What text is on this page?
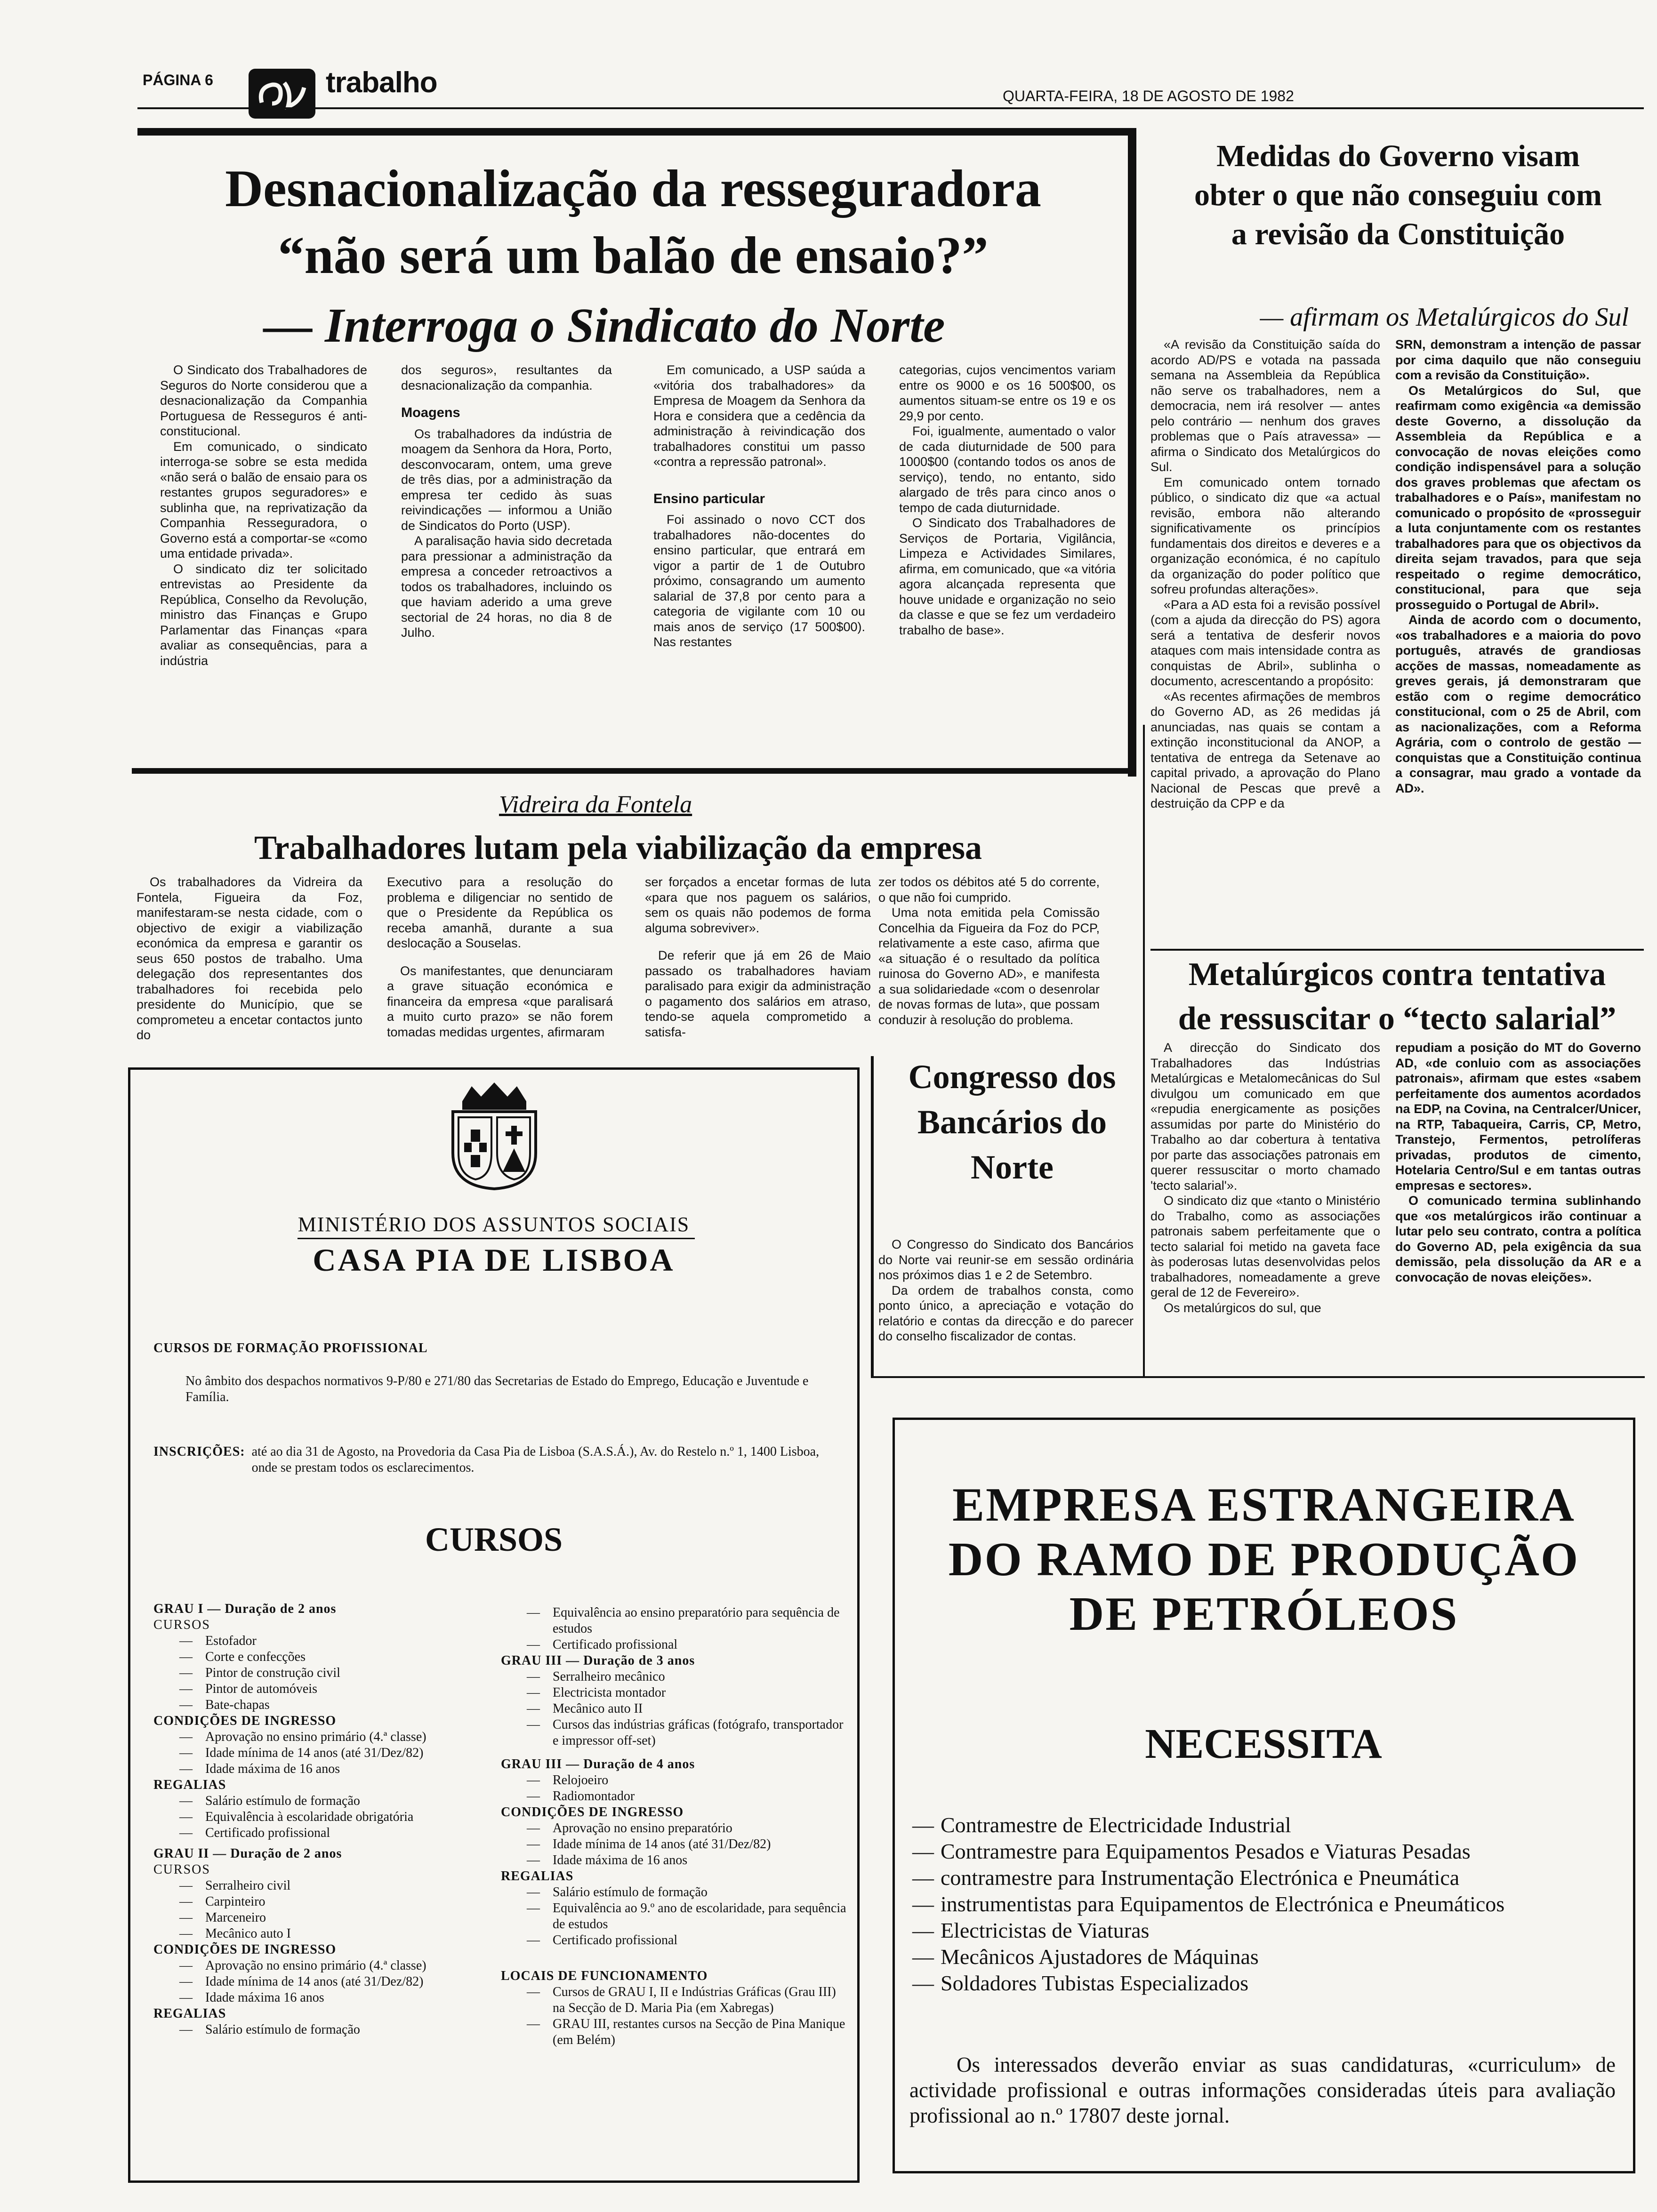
PÁGINA 6	trabalho	QUARTA-FEIRA, 18 DE AGOSTO DE 1982
Desnacionalização da resseguradora
“não será um balão de ensaio?”
— Interroga o Sindicato do Norte

O Sindicato dos Trabalhadores de Seguros do Norte considerou que a desnacionalização da Companhia Portuguesa de Resseguros é anti-constitucional.

Em comunicado, o sindicato interroga-se sobre se esta medida «não será o balão de ensaio para os restantes grupos seguradores» e sublinha que, na reprivatização da Companhia Resseguradora, o Governo está a comportar-se «como uma entidade privada».

O sindicato diz ter solicitado entrevistas ao Presidente da República, Conselho da Revolução, ministro das Finanças e Grupo Parlamentar das Finanças «para avaliar as consequências, para a indústria

dos seguros», resultantes da desnacionalização da companhia.

Moagens

Os trabalhadores da indústria de moagem da Senhora da Hora, Porto, desconvocaram, ontem, uma greve de três dias, por a administração da empresa ter cedido às suas reivindicações — informou a União de Sindicatos do Porto (USP).

A paralisação havia sido decretada para pressionar a administração da empresa a conceder retroactivos a todos os trabalhadores, incluindo os que haviam aderido a uma greve sectorial de 24 horas, no dia 8 de Julho.

Em comunicado, a USP saúda a «vitória dos trabalhadores» da Empresa de Moagem da Senhora da Hora e considera que a cedência da administração à reivindicação dos trabalhadores constitui um passo «contra a repressão patronal».

Ensino particular

Foi assinado o novo CCT dos trabalhadores não-docentes do ensino particular, que entrará em vigor a partir de 1 de Outubro próximo, consagrando um aumento salarial de 37,8 por cento para a categoria de vigilante com 10 ou mais anos de serviço (17 500$00). Nas restantes

categorias, cujos vencimentos variam entre os 9000 e os 16 500$00, os aumentos situam-se entre os 19 e os 29,9 por cento.

Foi, igualmente, aumentado o valor de cada diuturnidade de 500 para 1000$00 (contando todos os anos de serviço), tendo, no entanto, sido alargado de três para cinco anos o tempo de cada diuturnidade.

O Sindicato dos Trabalhadores de Serviços de Portaria, Vigilância, Limpeza e Actividades Similares, afirma, em comunicado, que «a vitória agora alcançada representa que houve unidade e organização no seio da classe e que se fez um verdadeiro trabalho de base».

Vidreira da Fontela
Trabalhadores lutam pela viabilização da empresa

Os trabalhadores da Vidreira da Fontela, Figueira da Foz, manifestaram-se nesta cidade, com o objectivo de exigir a viabilização económica da empresa e garantir os seus 650 postos de trabalho. Uma delegação dos representantes dos trabalhadores foi recebida pelo presidente do Município, que se comprometeu a encetar contactos junto do

Executivo para a resolução do problema e diligenciar no sentido de que o Presidente da República os receba amanhã, durante a sua deslocação a Souselas.

Os manifestantes, que denunciaram a grave situação económica e financeira da empresa «que paralisará a muito curto prazo» se não forem tomadas medidas urgentes, afirmaram

ser forçados a encetar formas de luta «para que nos paguem os salários, sem os quais não podemos de forma alguma sobreviver».

De referir que já em 26 de Maio passado os trabalhadores haviam paralisado para exigir da administração o pagamento dos salários em atraso, tendo-se aquela comprometido a satisfa-

zer todos os débitos até 5 do corrente, o que não foi cumprido.

Uma nota emitida pela Comissão Concelhia da Figueira da Foz do PCP, relativamente a este caso, afirma que «a situação é o resultado da política ruinosa do Governo AD», e manifesta a sua solidariedade «com o desenrolar de novas formas de luta», que possam conduzir à resolução do problema.

Medidas do Governo visam obter o que não conseguiu com a revisão da Constituição
— afirmam os Metalúrgicos do Sul

«A revisão da Constituição saída do acordo AD/PS e votada na passada semana na Assembleia da República não serve os trabalhadores, nem a democracia, nem irá resolver — antes pelo contrário — nenhum dos graves problemas que o País atravessa» — afirma o Sindicato dos Metalúrgicos do Sul.

Em comunicado ontem tornado público, o sindicato diz que «a actual revisão, embora não alterando significativamente os princípios fundamentais dos direitos e deveres e a organização económica, é no capítulo da organização do poder político que sofreu profundas alterações».

«Para a AD esta foi a revisão possível (com a ajuda da direcção do PS) agora será a tentativa de desferir novos ataques com mais intensidade contra as conquistas de Abril», sublinha o documento, acrescentando a propósito:

«As recentes afirmações de membros do Governo AD, as 26 medidas já anunciadas, nas quais se contam a extinção inconstitucional da ANOP, a tentativa de entrega da Setenave ao capital privado, a aprovação do Plano Nacional de Pescas que prevê a destruição da CPP e da

SRN, demonstram a intenção de passar por cima daquilo que não conseguiu com a revisão da Constituição».

Os Metalúrgicos do Sul, que reafirmam como exigência «a demissão deste Governo, a dissolução da Assembleia da República e a convocação de novas eleições como condição indispensável para a solução dos graves problemas que afectam os trabalhadores e o País», manifestam no comunicado o propósito de «prosseguir a luta conjuntamente com os restantes trabalhadores para que os objectivos da direita sejam travados, para que seja respeitado o regime democrático, constitucional, para que seja prosseguido o Portugal de Abril».

Ainda de acordo com o documento, «os trabalhadores e a maioria do povo português, através de grandiosas acções de massas, nomeadamente as greves gerais, já demonstraram que estão com o regime democrático constitucional, com o 25 de Abril, com as nacionalizações, com a Reforma Agrária, com o controlo de gestão — conquistas que a Constituição continua a consagrar, mau grado a vontade da AD».

Metalúrgicos contra tentativa
de ressuscitar o “tecto salarial”

A direcção do Sindicato dos Trabalhadores das Indústrias Metalúrgicas e Metalomecânicas do Sul divulgou um comunicado em que «repudia energicamente as posições assumidas por parte do Ministério do Trabalho ao dar cobertura à tentativa por parte das associações patronais em querer ressuscitar o morto chamado 'tecto salarial'».

O sindicato diz que «tanto o Ministério do Trabalho, como as associações patronais sabem perfeitamente que o tecto salarial foi metido na gaveta face às poderosas lutas desenvolvidas pelos trabalhadores, nomeadamente a greve geral de 12 de Fevereiro».

Os metalúrgicos do sul, que

repudiam a posição do MT do Governo AD, «de conluio com as associações patronais», afirmam que estes «sabem perfeitamente dos aumentos acordados na EDP, na Covina, na Centralcer/Unicer, na RTP, Tabaqueira, Carris, CP, Metro, Transtejo, Fermentos, petrolíferas privadas, produtos de cimento, Hotelaria Centro/Sul e em tantas outras empresas e sectores».

O comunicado termina sublinhando que «os metalúrgicos irão continuar a lutar pelo seu contrato, contra a política do Governo AD, pela exigência da sua demissão, pela dissolução da AR e a convocação de novas eleições».

Congresso dos Bancários do Norte

O Congresso do Sindicato dos Bancários do Norte vai reunir-se em sessão ordinária nos próximos dias 1 e 2 de Setembro.

Da ordem de trabalhos consta, como ponto único, a apreciação e votação do relatório e contas da direcção e do parecer do conselho fiscalizador de contas.

MINISTÉRIO DOS ASSUNTOS SOCIAIS
CASA PIA DE LISBOA
CURSOS DE FORMAÇÃO PROFISSIONAL
No âmbito dos despachos normativos 9-P/80 e 271/80 das Secretarias de Estado do Emprego, Educação e Juventude e Família.
INSCRIÇÕES: até ao dia 31 de Agosto, na Provedoria da Casa Pia de Lisboa (S.A.S.Á.), Av. do Restelo n.º 1, 1400 Lisboa, onde se prestam todos os esclarecimentos.
CURSOS
GRAU I — Duração de 2 anos
CURSOS
— Estofador
— Corte e confecções
— Pintor de construção civil
— Pintor de automóveis
— Bate-chapas
CONDIÇÕES DE INGRESSO
— Aprovação no ensino primário (4.ª classe)
— Idade mínima de 14 anos (até 31/Dez/82)
— Idade máxima de 16 anos
REGALIAS
— Salário estímulo de formação
— Equivalência à escolaridade obrigatória
— Certificado profissional
GRAU II — Duração de 2 anos
CURSOS
— Serralheiro civil
— Carpinteiro
— Marceneiro
— Mecânico auto I
CONDIÇÕES DE INGRESSO
— Aprovação no ensino primário (4.ª classe)
— Idade mínima de 14 anos (até 31/Dez/82)
— Idade máxima 16 anos
REGALIAS
— Salário estímulo de formação
— Equivalência ao ensino preparatório para sequência de estudos
— Certificado profissional
GRAU III — Duração de 3 anos
— Serralheiro mecânico
— Electricista montador
— Mecânico auto II
— Cursos das indústrias gráficas (fotógrafo, transportador e impressor off-set)
GRAU III — Duração de 4 anos
— Relojoeiro
— Radiomontador
CONDIÇÕES DE INGRESSO
— Aprovação no ensino preparatório
— Idade mínima de 14 anos (até 31/Dez/82)
— Idade máxima de 16 anos
REGALIAS
— Salário estímulo de formação
— Equivalência ao 9.º ano de escolaridade, para sequência de estudos
— Certificado profissional
LOCAIS DE FUNCIONAMENTO
— Cursos de GRAU I, II e Indústrias Gráficas (Grau III) na Secção de D. Maria Pia (em Xabregas)
— GRAU III, restantes cursos na Secção de Pina Manique (em Belém)
EMPRESA ESTRANGEIRA DO RAMO DE PRODUÇÃO DE PETRÓLEOS
NECESSITA
— Contramestre de Electricidade Industrial
— Contramestre para Equipamentos Pesados e Viaturas Pesadas
— contramestre para Instrumentação Electrónica e Pneumática
— instrumentistas para Equipamentos de Electrónica e Pneumáticos
— Electricistas de Viaturas
— Mecânicos Ajustadores de Máquinas
— Soldadores Tubistas Especializados
Os interessados deverão enviar as suas candidaturas, «curriculum» de actividade profissional e outras informações consideradas úteis para avaliação profissional ao n.º 17807 deste jornal.
